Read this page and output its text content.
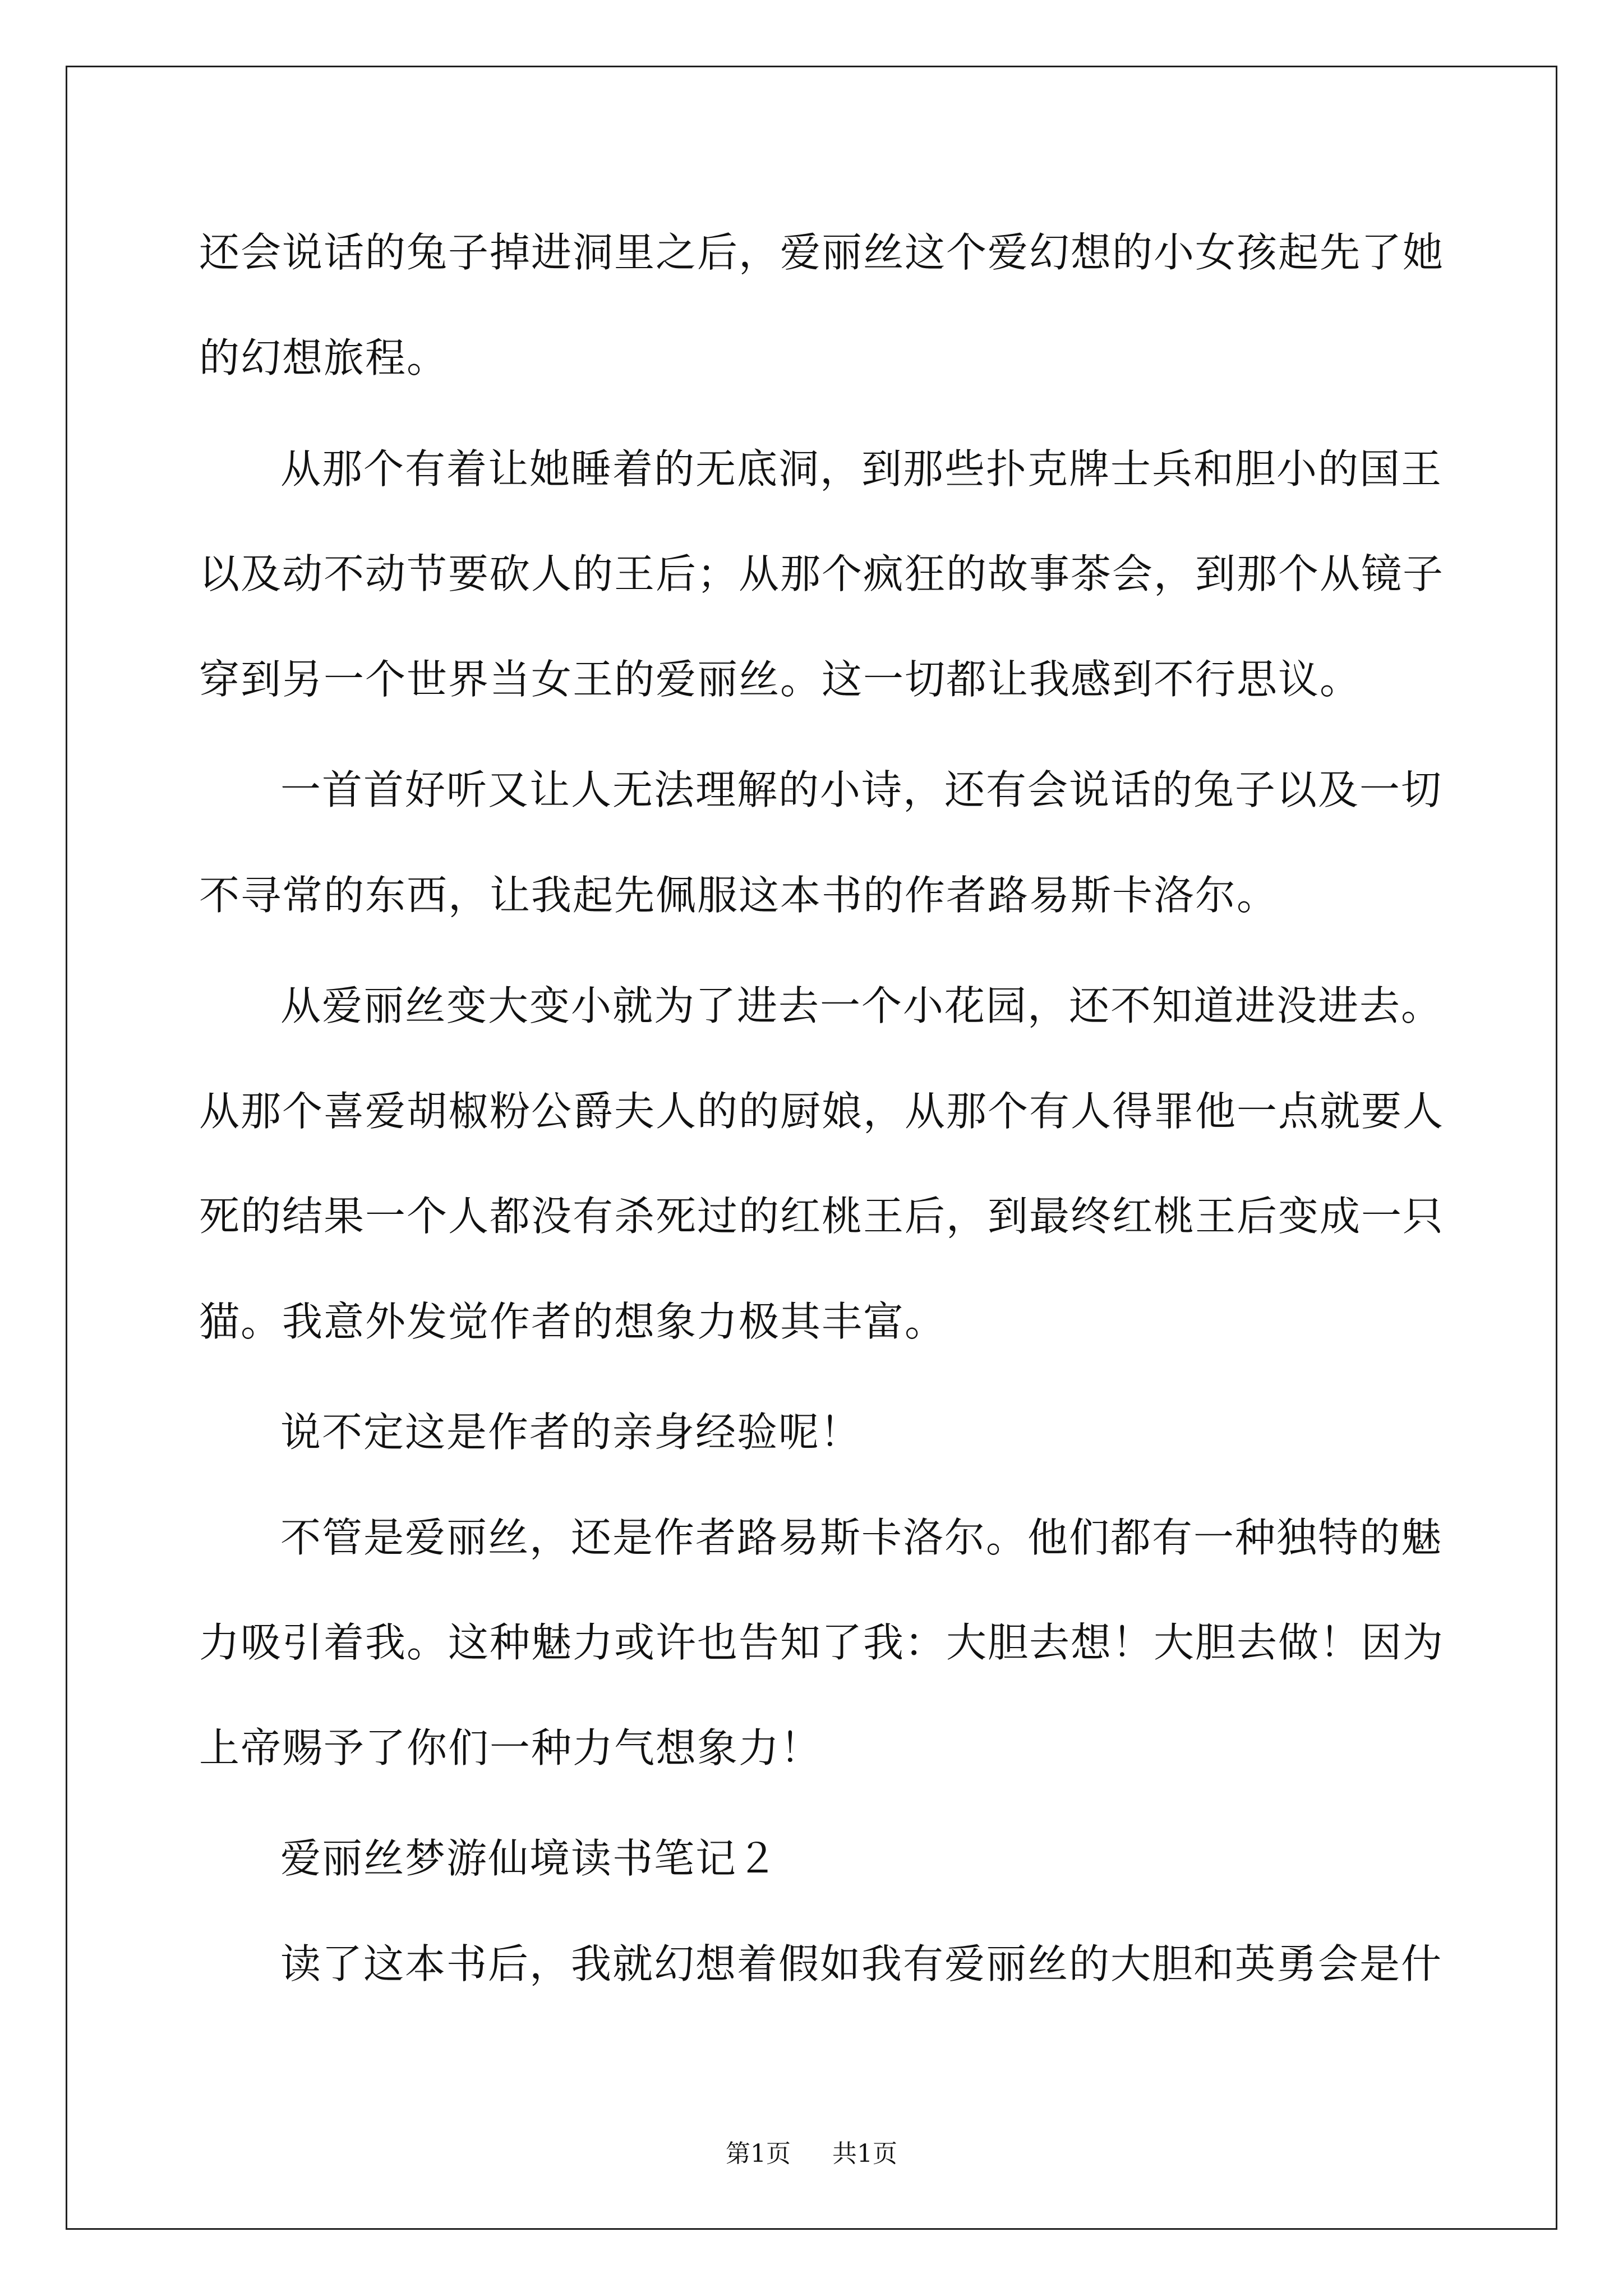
还会说话的兔子掉进洞里之后，爱丽丝这个爱幻想的小女孩起先了她
的幻想旅程。
从那个有着让她睡着的无底洞，到那些扑克牌士兵和胆小的国王
以及动不动节要砍人的王后；从那个疯狂的故事茶会，到那个从镜子
穿到另一个世界当女王的爱丽丝。这一切都让我感到不行思议。
一首首好听又让人无法理解的小诗，还有会说话的兔子以及一切
不寻常的东西，让我起先佩服这本书的作者路易斯卡洛尔。
从爱丽丝变大变小就为了进去一个小花园，还不知道进没进去。
从那个喜爱胡椒粉公爵夫人的的厨娘，从那个有人得罪他一点就要人
死的结果一个人都没有杀死过的红桃王后，到最终红桃王后变成一只
猫。我意外发觉作者的想象力极其丰富。
说不定这是作者的亲身经验呢！
不管是爱丽丝，还是作者路易斯卡洛尔。他们都有一种独特的魅
力吸引着我。这种魅力或许也告知了我：大胆去想！大胆去做！因为
上帝赐予了你们一种力气想象力！
爱丽丝梦游仙境读书笔记２
读了这本书后，我就幻想着假如我有爱丽丝的大胆和英勇会是什
第1页 共1页
